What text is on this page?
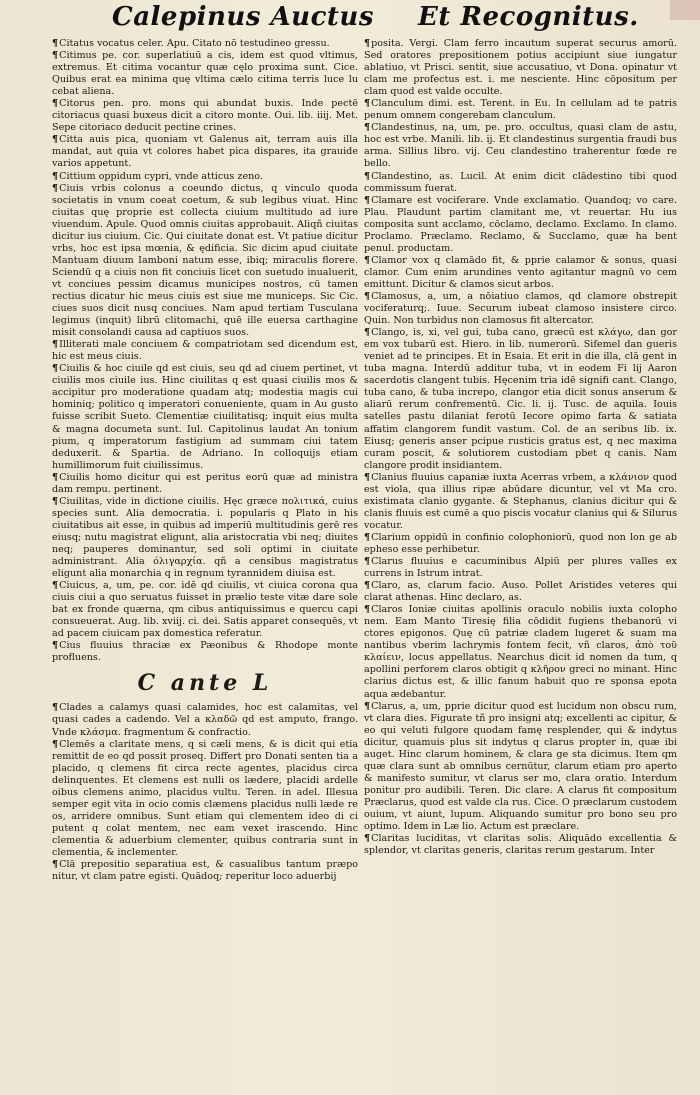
Calepinus Auctus Et Recognitus.

¶Citatus vocatus celer. Apu. Citato nō testudineo gressu.

¶Citimus pe. cor. superlatiuū a cis, idem est quod vltimus, extremus. Et citima vocantur quæ cęlo proxima sunt. Cice. Quibus erat ea minima quę vltima cælo citima terris luce lu cebat aliena.

¶Citorus pen. pro. mons qui abundat buxis. Inde pectē citoriacus quasi buxeus dicit a citoro monte. Oui. lib. iiij. Met. Sepe citoriaco deducit pectine crines.

¶Citta auis pica, quoniam vt Galenus ait, terram auis illa mandat, aut quia vt colores habet pica dispares, ita grauide varios appetunt.

¶Cittium oppidum cypri, vnde atticus zeno.

¶Ciuis vrbis colonus a coeundo dictus, q vinculo quoda societatis in vnum coeat coetum, & sub legibus viuat. Hinc ciuitas quę proprie est collecta ciuium multitudo ad iure viuendum. Apule. Quod omnis ciuitas approbauit. Aliqñ ciuitas dicitur ius ciuium. Cic. Qui ciuitate donat est. Vt patiue dicitur vrbs, hoc est ipsa mœnia, & ędificia. Sic dicim apud ciuitate Mantuam diuum Iamboni natum esse, ibiq; miraculis florere. Sciendū q a ciuis non fit conciuis licet con suetudo inualuerit, vt conciues pessim dicamus municipes nostros, cū tamen rectius dicatur hic meus ciuis est siue me municeps. Sic Cic. ciues suos dicit nusq conciues. Nam apud tertiam Tusculana legimus (inquit) librū clitomachi, quē ille euersa carthagine misit consolandi causa ad captiuos suos.

¶Illiterati male conciuem & compatriotam sed dicendum est, hic est meus ciuis.

¶Ciuilis & hoc ciuile qd est ciuis, seu qd ad ciuem pertinet, vt ciuilis mos ciuile ius. Hinc ciuilitas q est quasi ciuilis mos & accipitur pro moderatione quadam atq; modestia magis cui hominiq; politico q imperatori conueniente, quam in Au gusto fuisse scribit Sueto. Clementiæ ciuilitatisq; inquit eius multa & magna documeta sunt. Iul. Capitolinus laudat An tonium pium, q imperatorum fastigium ad summam ciui tatem deduxerit. & Spartia. de Adriano. In colloquijs etiam humillimorum fuit ciuilissimus.

¶Ciuilis homo dicitur qui est peritus eorū quæ ad ministra dam rempu. pertinent.

¶Ciuilitas, vide in dictione ciuilis. Hęc græce πολιτικά, cuius species sunt. Alia democratia. i. popularis q Plato in his ciuitatibus ait esse, in quibus ad imperiū multitudinis gerē res eiusq; nutu magistrat eligunt, alia aristocratia vbi neq; diuites neq; pauperes dominantur, sed soli optimi in ciuitate administrant. Alia όλιγαρχία. qñ a censibus magistratus eligunt alia monarchia q in regnum tyrannidem diuisa est.

¶Ciuicus, a, um, pe. cor. idē qd ciuilis, vt ciuica corona qua ciuis ciui a quo seruatus fuisset in prælio teste vitæ dare sole bat ex fronde quærna, qm cibus antiquissimus e quercu capi consueuerat. Aug. lib. xviij. ci. dei. Satis apparet consequēs, vt ad pacem ciuicam pax domestica referatur.

¶Cius fluuius thraciæ ex Pæonibus & Rhodope monte profluens.

C ante L

¶Clades a calamys quasi calamides, hoc est calamitas, vel quasi cades a cadendo. Vel a κλαδῶ qd est amputo, frango. Vnde κλάσμα. fragmentum & confractio.

¶Clemēs a claritate mens, q si cæli mens, & is dicit qui etia remittit de eo qd possit proseq. Differt pro Donati senten tia a placido, q clemens fit circa recte agentes, placidus circa delinquentes. Et clemens est nulli os lædere, placidi ardelle oibus clemens animo, placidus vultu. Teren. in adel. Illesua semper egit vita in ocio comis clæmens placidus nulli læde re os, arridere omnibus. Sunt etiam qui clementem ideo di ci putent q colat mentem, nec eam vexet irascendo. Hinc clementia & aduerbium clementer, quibus contraria sunt in clementia, & inclementer.

¶Clā prepositio separatiua est, & casualibus tantum præpo nitur, vt clam patre egisti. Quādoq; reperitur loco aduerbij

¶posita. Vergi. Clam ferro incautum superat securus amorū. Sed oratores prepositionem potius accipiunt siue iungatur ablatiuo, vt Prisci. sentit, siue accusatiuo, vt Dona. opinatur vt clam me profectus est. i. me nesciente. Hinc cōpositum per clam quod est valde occulte.

¶Clanculum dimi. est. Terent. in Eu. In cellulam ad te patris penum omnem congerebam clanculum.

¶Clandestinus, na, um, pe. pro. occultus, quasi clam de astu, hoc est vrbe. Manili. lib. ij. Et clandestinus surgentia fraudi bus arma. Sillius libro. vij. Ceu clandestino traherentur fœde re bello.

¶Clandestino, as. Lucil. At enim dicit clādestino tibi quod commissum fuerat.

¶Clamare est vociferare. Vnde exclamatio. Quandoq; vo care. Plau. Plaudunt partim clamitant me, vt reuertar. Hu ius composita sunt acclamo, cōclamo, declamo. Exclamo. In clamo. Proclamo. Præclamo. Reclamo, & Succlamo, quæ ha bent penul. productam.

¶Clamor vox q clamādo fit, & pprie calamor & sonus, quasi clamor. Cum enim arundines vento agitantur magnū vo cem emittunt. Dicitur & clamos sicut arbos.

¶Clamosus, a, um, a nōiatiuo clamos, qd clamore obstrepit vociferaturq;. Iuue. Securum iubeat clamoso insistere circo. Quin. Non turbidus non clamosus fit altercator.

¶Clango, is, xi, vel gui, tuba cano, græcū est κλάγω, dan gor em vox tubarū est. Hiero. in lib. numerorū. Sifemel dan gueris veniet ad te principes. Et in Esaia. Et erit in die illa, clā gent in tuba magna. Interdū additur tuba, vt in eodem Fi lij Aaron sacerdotis clangent tubis. Hęcenim tria idē signifi cant. Clango, tuba cano, & tuba increpo, clangor etia dicit sonus anserum & aliarū rerum confrementū. Cic. li. ij. Tusc. de aquila. Iouis satelles pastu dilaniat ferotū Iecore opimo farta & satiata affatim clangorem fundit vastum. Col. de an seribus lib. ix. Eiusq; generis anser pcipue rusticis gratus est, q nec maxima curam poscit, & solutiorem custodiam pbet q canis. Nam clangore prodit insidiantem.

¶Clanius fluuius capaniæ iuxta Acerras vrbem, a κλάνιον quod est viola, qua illius ripæ abūdare dicuntur, vel vt Ma cro. existimata clanio gygante. & Stephanus, clanius dicitur qui & clanis fluuis est cumē a quo piscis vocatur clanius qui & Silurus vocatur.

¶Clarium oppidū in confinio colophoniorū, quod non lon ge ab epheso esse perhibetur.

¶Clarus fluuius e cacuminibus Alpiū per plures valles ex currens in Istrum intrat.

¶Claro, as, clarum facio. Auso. Pollet Aristides veteres qui clarat athenas. Hinc declaro, as.

¶Claros Ioniæ ciuitas apollinis oraculo nobilis iuxta colopho nem. Eam Manto Tiresię filia cōdidit fugiens thebanorū vi ctores epigonos. Quę cū patriæ cladem lugeret & suam ma nantibus vberim lachrymis fontem fecit, vñ claros, ἀπὸ τοῦ κλαίειν, locus appellatus. Nearchus dicit id nomen da tum, q apollini perforem claros obtigit q κλῆρον greci no minant. Hinc clarius dictus est, & illic fanum habuit quo re sponsa epota aqua ædebantur.

¶Clarus, a, um, pprie dicitur quod est lucidum non obscu rum, vt clara dies. Figurate tñ pro insigni atq; excellenti ac cipitur, & eo qui veluti fulgore quodam famę resplender, qui & indytus dicitur, quamuis plus sit indytus q clarus propter in, quæ ibi auget. Hinc clarum hominem, & clara ge sta dicimus. Item qm quæ clara sunt ab omnibus cernūtur, clarum etiam pro aperto & manifesto sumitur, vt clarus ser mo, clara oratio. Interdum ponitur pro audibili. Teren. Dic clare. A clarus fit compositum Præclarus, quod est valde cla rus. Cice. O præclarum custodem ouium, vt aiunt, lupum. Aliquando sumitur pro bono seu pro optimo. Idem in Læ lio. Actum est præclare.

¶Claritas luciditas, vt claritas solis. Aliquādo excellentia & splendor, vt claritas generis, claritas rerum gestarum. Inter
